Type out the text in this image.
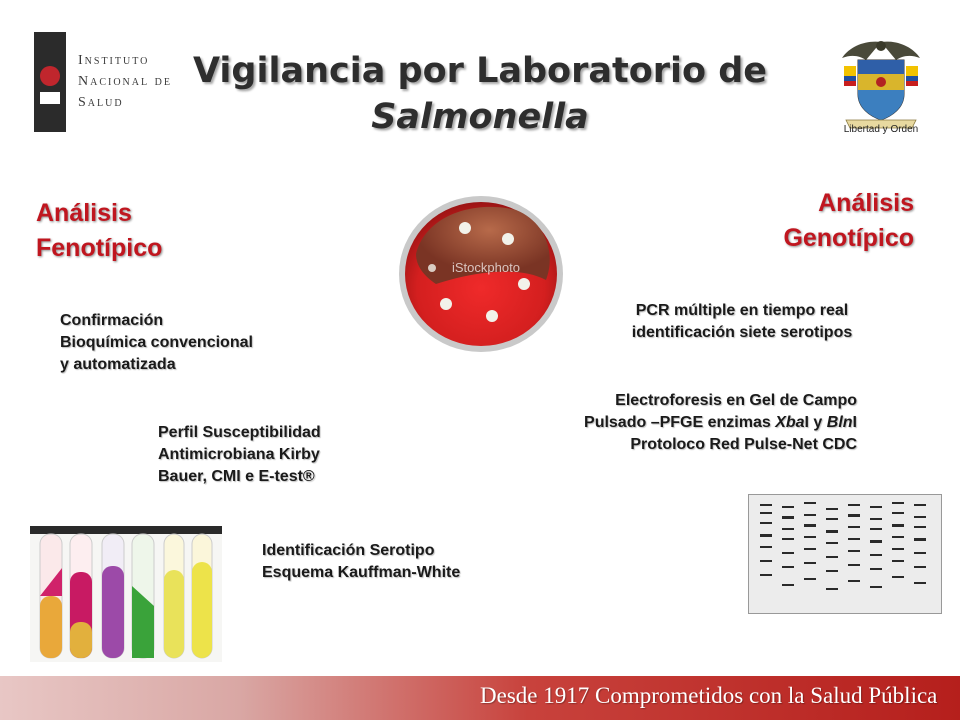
Instituto
Nacional de
Salud
Vigilancia por Laboratorio de
Salmonella	Libertad y Orden
Análisis
Fenotípico
Análisis
Genotípico
iStockphoto
Confirmación
Bioquímica convencional
y automatizada
Perfil Susceptibilidad
Antimicrobiana Kirby
Bauer, CMI e E-test®
Identificación Serotipo
Esquema Kauffman-White
PCR múltiple en tiempo real
identificación siete serotipos
Electroforesis en Gel de Campo
Pulsado –PFGE enzimas XbaI y BlnI
Protoloco Red Pulse-Net CDC
Desde 1917 Comprometidos con la Salud Pública
